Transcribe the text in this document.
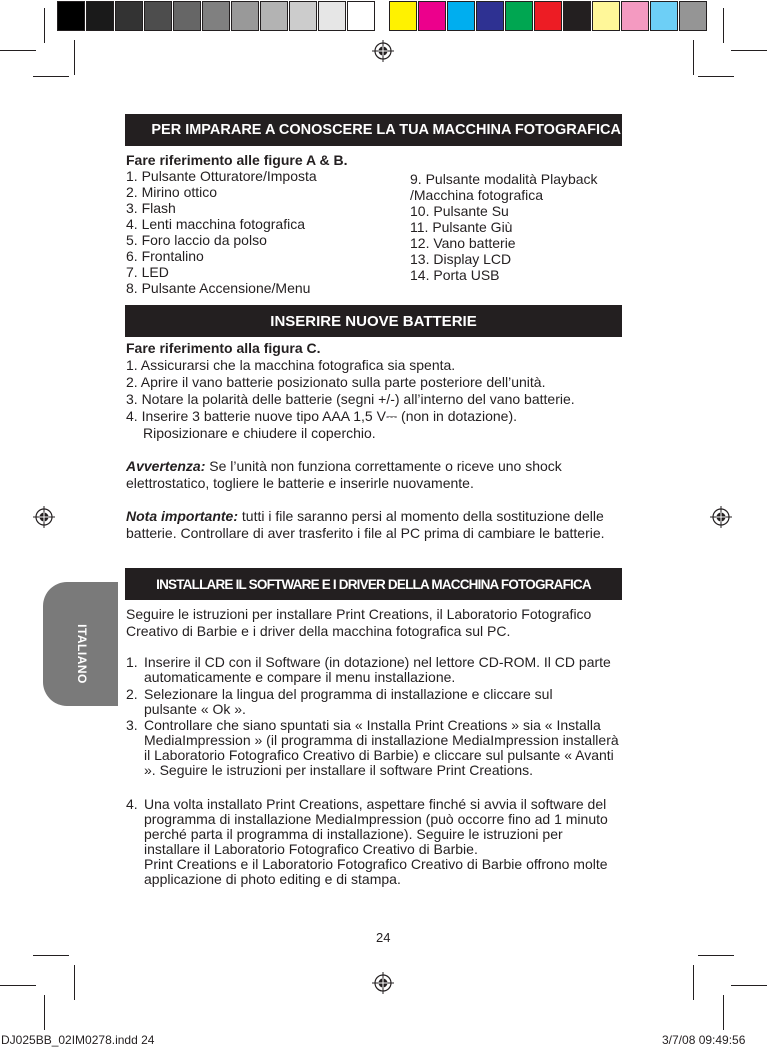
PER IMPARARE A CONOSCERE LA TUA MACCHINA FOTOGRAFICA
Fare riferimento alle figure A & B.
1. Pulsante Otturatore/Imposta
2. Mirino ottico
3. Flash
4. Lenti macchina fotografica
5. Foro laccio da polso
6. Frontalino
7. LED
8. Pulsante Accensione/Menu
9. Pulsante modalità Playback
/Macchina fotografica
10. Pulsante Su
11. Pulsante Giù
12. Vano batterie
13. Display LCD
14. Porta USB
INSERIRE NUOVE BATTERIE
Fare riferimento alla figura C.
1. Assicurarsi che la macchina fotografica sia spenta.
2. Aprire il vano batterie posizionato sulla parte posteriore dell’unità.
3. Notare la polarità delle batterie (segni +/-) all’interno del vano batterie.
4. Inserire 3 batterie nuove tipo AAA 1,5 V⎓ (non in dotazione).
Riposizionare e chiudere il coperchio.
Avvertenza: Se l’unità non funziona correttamente o riceve uno shock elettrostatico, togliere le batterie e inserirle nuovamente.
Nota importante: tutti i file saranno persi al momento della sostituzione delle batterie. Controllare di aver trasferito i file al PC prima di cambiare le batterie.
INSTALLARE IL SOFTWARE E I DRIVER DELLA MACCHINA FOTOGRAFICA
Seguire le istruzioni per installare Print Creations, il Laboratorio Fotografico Creativo di Barbie e i driver della macchina fotografica sul PC.
1. Inserire il CD con il Software (in dotazione) nel lettore CD-ROM. Il CD parte automaticamente e compare il menu installazione.
2. Selezionare la lingua del programma di installazione e cliccare sul pulsante « Ok ».
3. Controllare che siano spuntati sia « Installa Print Creations » sia « Installa MediaImpression » (il programma di installazione MediaImpression installerà il Laboratorio Fotografico Creativo di Barbie) e cliccare sul pulsante « Avanti ». Seguire le istruzioni per installare il software Print Creations.
4. Una volta installato Print Creations, aspettare finché si avvia il software del programma di installazione MediaImpression (può occorre fino ad 1 minuto perché parta il programma di installazione). Seguire le istruzioni per installare il Laboratorio Fotografico Creativo di Barbie.
Print Creations e il Laboratorio Fotografico Creativo di Barbie offrono molte applicazione di photo editing e di stampa.
ITALIANO
24
DJ025BB_02IM0278.indd 24	3/7/08 09:49:56
